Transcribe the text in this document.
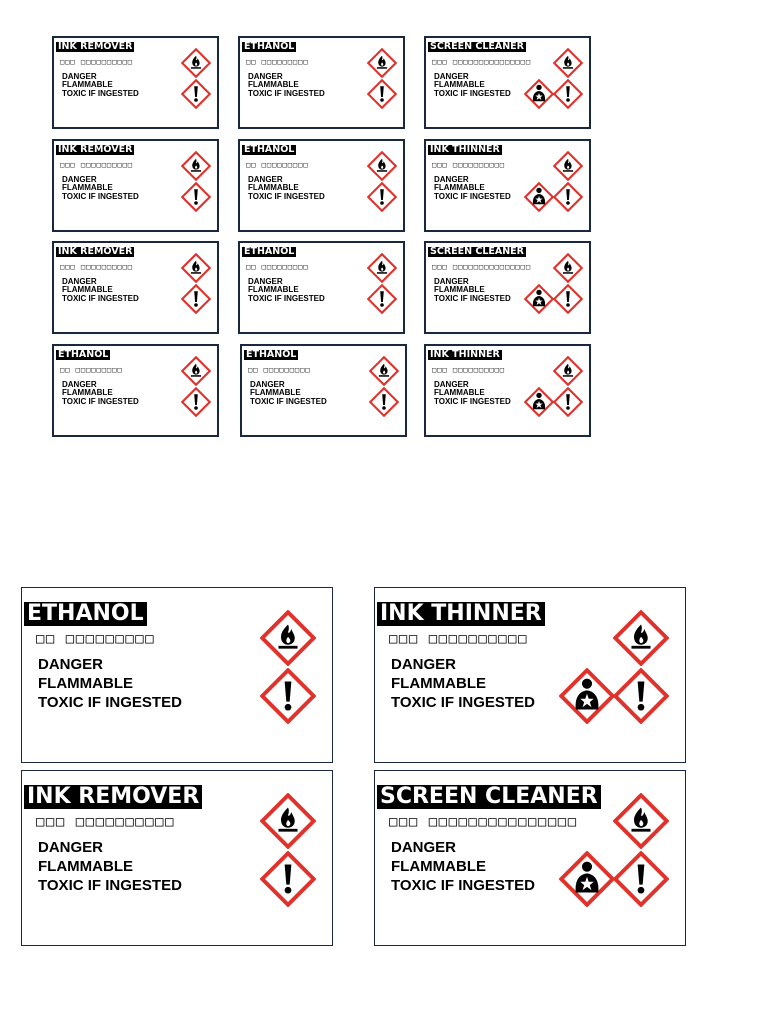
INK REMOVER
□□□ □□□□□□□□□□
DANGER
FLAMMABLE
TOXIC IF INGESTED
ETHANOL
□□ □□□□□□□□□
DANGER
FLAMMABLE
TOXIC IF INGESTED
SCREEN CLEANER
□□□ □□□□□□□□□□□□□□□
DANGER
FLAMMABLE
TOXIC IF INGESTED
INK REMOVER
□□□ □□□□□□□□□□
DANGER
FLAMMABLE
TOXIC IF INGESTED
ETHANOL
□□ □□□□□□□□□
DANGER
FLAMMABLE
TOXIC IF INGESTED
INK THINNER
□□□ □□□□□□□□□□
DANGER
FLAMMABLE
TOXIC IF INGESTED
INK REMOVER
□□□ □□□□□□□□□□
DANGER
FLAMMABLE
TOXIC IF INGESTED
ETHANOL
□□ □□□□□□□□□
DANGER
FLAMMABLE
TOXIC IF INGESTED
SCREEN CLEANER
□□□ □□□□□□□□□□□□□□□
DANGER
FLAMMABLE
TOXIC IF INGESTED
ETHANOL
□□ □□□□□□□□□
DANGER
FLAMMABLE
TOXIC IF INGESTED
ETHANOL
□□ □□□□□□□□□
DANGER
FLAMMABLE
TOXIC IF INGESTED
INK THINNER
□□□ □□□□□□□□□□
DANGER
FLAMMABLE
TOXIC IF INGESTED
ETHANOL
□□ □□□□□□□□□
DANGER
FLAMMABLE
TOXIC IF INGESTED
INK THINNER
□□□ □□□□□□□□□□
DANGER
FLAMMABLE
TOXIC IF INGESTED
INK REMOVER
□□□ □□□□□□□□□□
DANGER
FLAMMABLE
TOXIC IF INGESTED
SCREEN CLEANER
□□□ □□□□□□□□□□□□□□□
DANGER
FLAMMABLE
TOXIC IF INGESTED
